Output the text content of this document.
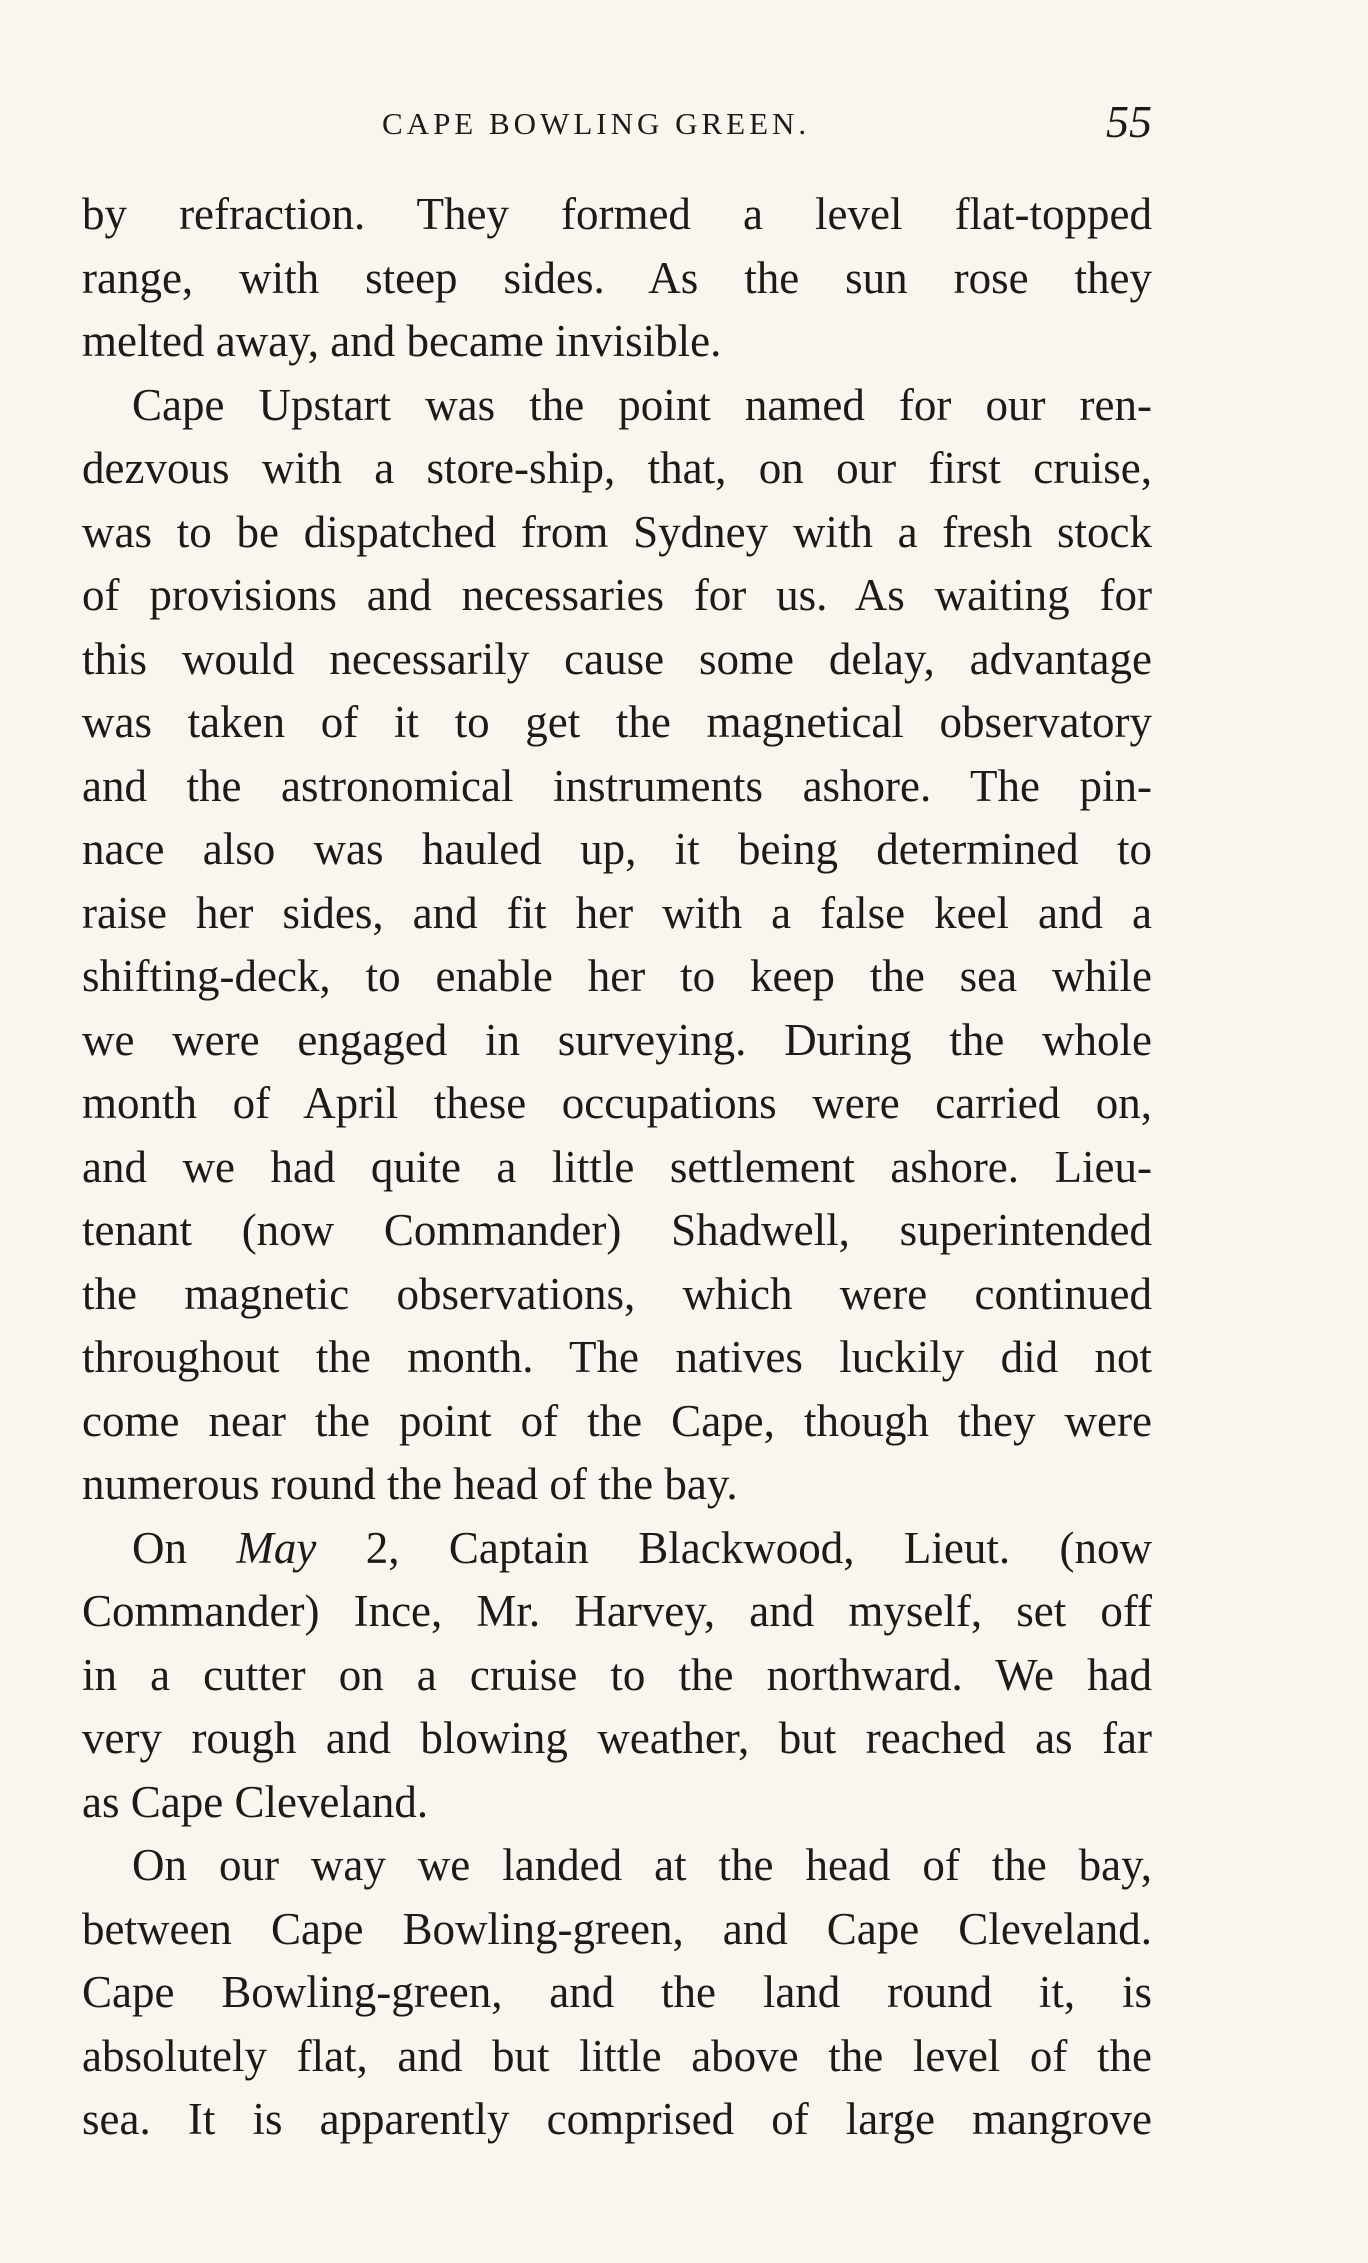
CAPE BOWLING GREEN.	55
by refraction. They formed a level flat-topped
range, with steep sides. As the sun rose they
melted away, and became invisible.
Cape Upstart was the point named for our ren-
dezvous with a store-ship, that, on our first cruise,
was to be dispatched from Sydney with a fresh stock
of provisions and necessaries for us. As waiting for
this would necessarily cause some delay, advantage
was taken of it to get the magnetical observatory
and the astronomical instruments ashore. The pin-
nace also was hauled up, it being determined to
raise her sides, and fit her with a false keel and a
shifting-deck, to enable her to keep the sea while
we were engaged in surveying. During the whole
month of April these occupations were carried on,
and we had quite a little settlement ashore. Lieu-
tenant (now Commander) Shadwell, superintended
the magnetic observations, which were continued
throughout the month. The natives luckily did not
come near the point of the Cape, though they were
numerous round the head of the bay.
On May 2, Captain Blackwood, Lieut. (now
Commander) Ince, Mr. Harvey, and myself, set off
in a cutter on a cruise to the northward. We had
very rough and blowing weather, but reached as far
as Cape Cleveland.
On our way we landed at the head of the bay,
between Cape Bowling-green, and Cape Cleveland.
Cape Bowling-green, and the land round it, is
absolutely flat, and but little above the level of the
sea. It is apparently comprised of large mangrove
